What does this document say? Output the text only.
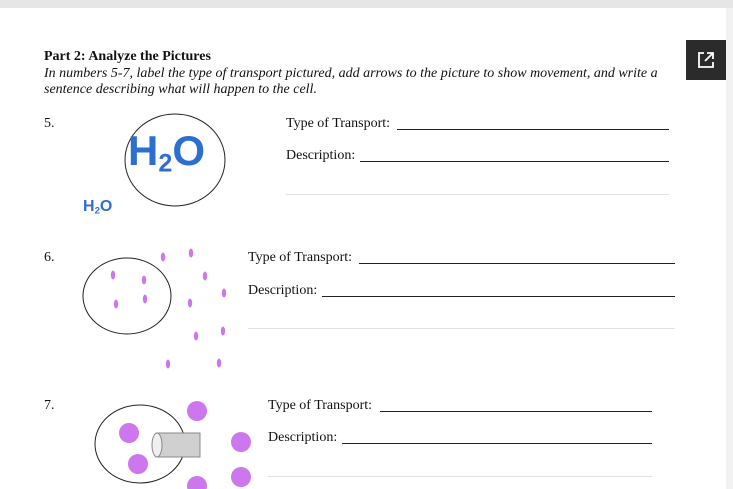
Part 2: Analyze the Pictures
In numbers 5-7, label the type of transport pictured, add arrows to the picture to show movement, and write a sentence describing what will happen to the cell.
5.
$H_2O$
$H_2O$
Type of Transport:
Description:
6.	Type of Transport:
Description:
7.	Type of Transport:
Description:
